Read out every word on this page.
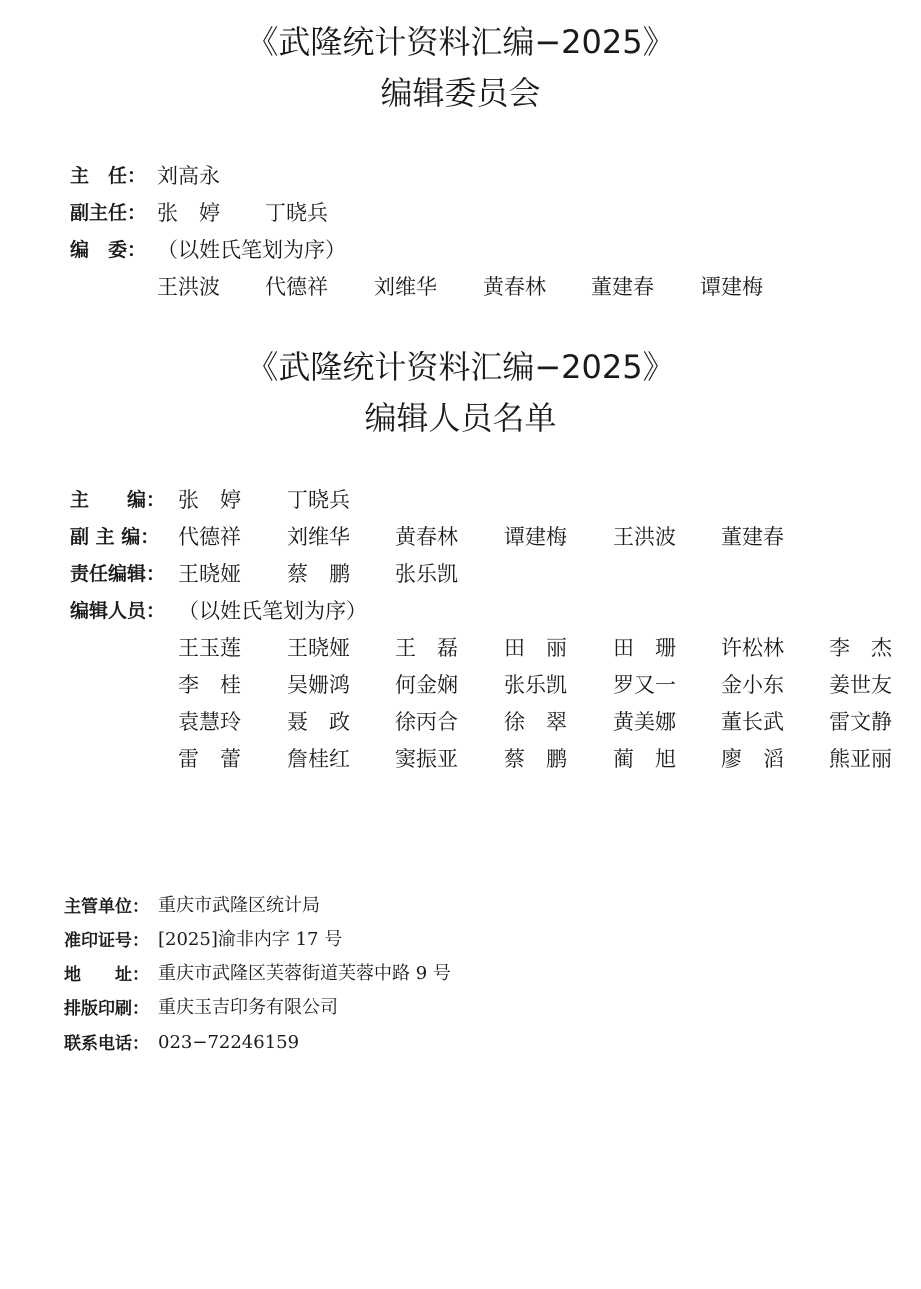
《武隆统计资料汇编−2025》
编辑委员会
主　任： 刘高永
副主任： 张　婷 丁晓兵
编　委： （以姓氏笔划为序）
王洪波 代德祥 刘维华 黄春林 董建春 谭建梅
《武隆统计资料汇编−2025》
编辑人员名单
主　　编： 张　婷 丁晓兵
副 主 编： 代德祥 刘维华 黄春林 谭建梅 王洪波 董建春
责任编辑： 王晓娅 蔡　鹏 张乐凯
编辑人员： （以姓氏笔划为序）
王玉莲 王晓娅 王　磊 田　丽 田　珊 许松林 李　杰
李　桂 吴姗鸿 何金娴 张乐凯 罗又一 金小东 姜世友
袁慧玲 聂　政 徐丙合 徐　翠 黄美娜 董长武 雷文静
雷　蕾 詹桂红 窦振亚 蔡　鹏 蔺　旭 廖　滔 熊亚丽
主管单位： 重庆市武隆区统计局
准印证号： [2025]渝非内字 17 号
地　　址： 重庆市武隆区芙蓉街道芙蓉中路 9 号
排版印刷： 重庆玉吉印务有限公司
联系电话： 023−72246159
